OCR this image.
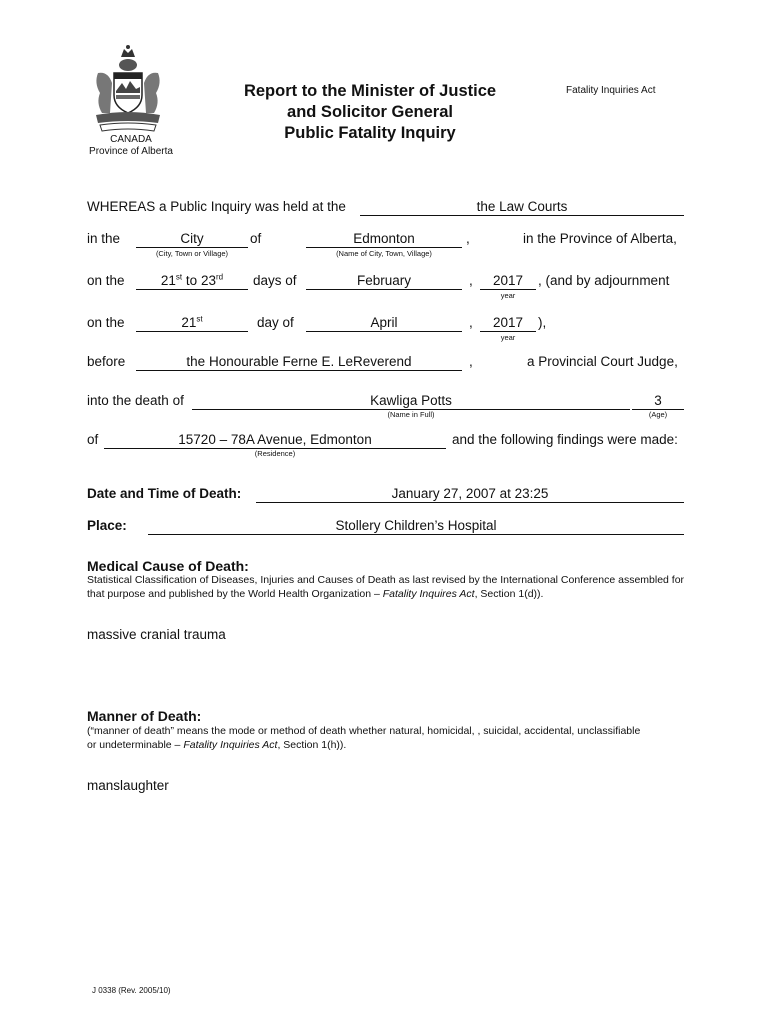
CANADA
Province of Alberta
Report to the Minister of Justice
and Solicitor General
Public Fatality Inquiry
Fatality Inquiries Act
WHEREAS a Public Inquiry was held at the	the Law Courts
in the	City
(City, Town or Village)
of	Edmonton
(Name of City, Town, Village)
,	in the Province of Alberta,
on the	21st to 23rd	days of	February	,	2017
year
, (and by adjournment
on the	21st	day of	April	,	2017
year
),
before	the Honourable Ferne E. LeReverend	,	a Provincial Court Judge,
into the death of	Kawliga Potts
(Name in Full)
3
(Age)
of	15720 – 78A Avenue, Edmonton
(Residence)
and the following findings were made:
Date and Time of Death:	January 27, 2007 at 23:25
Place:	Stollery Children’s Hospital
Medical Cause of Death:
Statistical Classification of Diseases, Injuries and Causes of Death as last revised by the International Conference assembled for that purpose and published by the World Health Organization – Fatality Inquires Act, Section 1(d)).
massive cranial trauma
Manner of Death:
(“manner of death” means the mode or method of death whether natural, homicidal, , suicidal, accidental, unclassifiable or undeterminable – Fatality Inquiries Act, Section 1(h)).
manslaughter
J 0338 (Rev. 2005/10)
